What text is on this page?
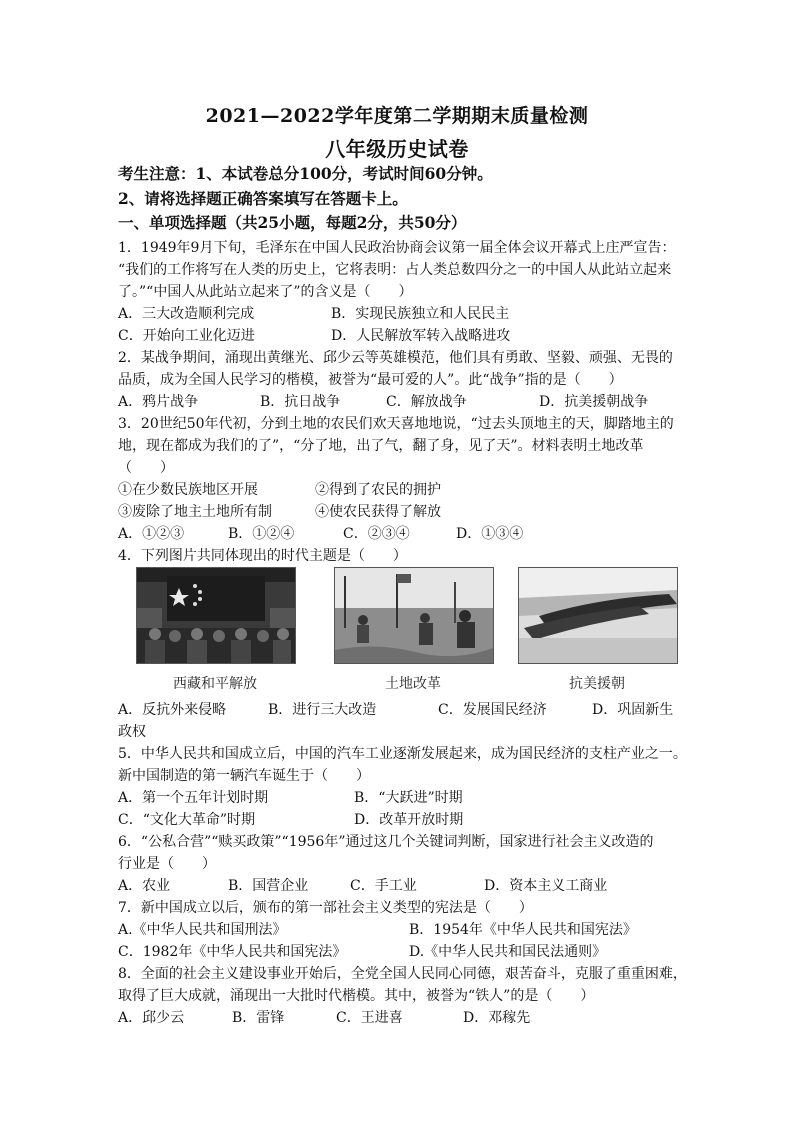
2021—2022学年度第二学期期末质量检测
八年级历史试卷
考生注意：1、本试卷总分100分，考试时间60分钟。
2、请将选择题正确答案填写在答题卡上。
一、单项选择题（共25小题，每题2分，共50分）
1．1949年9月下旬，毛泽东在中国人民政治协商会议第一届全体会议开幕式上庄严宣告：
“我们的工作将写在人类的历史上，它将表明：占人类总数四分之一的中国人从此站立起来
了。”“中国人从此站立起来了”的含义是（　　）
A．三大改造顺利完成	B．实现民族独立和人民民主
C．开始向工业化迈进	D．人民解放军转入战略进攻
2．某战争期间，涌现出黄继光、邱少云等英雄模范，他们具有勇敢、坚毅、顽强、无畏的
品质，成为全国人民学习的楷模，被誉为“最可爱的人”。此“战争”指的是（　　）
A．鸦片战争	B．抗日战争	C．解放战争	D．抗美援朝战争
3．20世纪50年代初，分到土地的农民们欢天喜地地说，“过去头顶地主的天，脚踏地主的
地，现在都成为我们的了”，“分了地，出了气，翻了身，见了天”。材料表明土地改革
（　　）
①在少数民族地区开展	②得到了农民的拥护
③废除了地主土地所有制	④使农民获得了解放
A．①②③	B．①②④	C．②③④	D．①③④
4．下列图片共同体现出的时代主题是（　　）
西藏和平解放	土地改革	抗美援朝
A．反抗外来侵略	B．进行三大改造	C．发展国民经济	D．巩固新生
政权
5．中华人民共和国成立后，中国的汽车工业逐渐发展起来，成为国民经济的支柱产业之一。
新中国制造的第一辆汽车诞生于（　　）
A．第一个五年计划时期	B．“大跃进”时期
C．“文化大革命”时期	D．改革开放时期
6．“公私合营”“赎买政策”“1956年”通过这几个关键词判断，国家进行社会主义改造的
行业是（　　）
A．农业	B．国营企业	C．手工业	D．资本主义工商业
7．新中国成立以后，颁布的第一部社会主义类型的宪法是（　　）
A.《中华人民共和国刑法》	B．1954年《中华人民共和国宪法》
C．1982年《中华人民共和国宪法》	D.《中华人民共和国民法通则》
8．全面的社会主义建设事业开始后，全党全国人民同心同德，艰苦奋斗，克服了重重困难，
取得了巨大成就，涌现出一大批时代楷模。其中，被誉为“铁人”的是（　　）
A．邱少云	B．雷锋	C．王进喜	D．邓稼先
